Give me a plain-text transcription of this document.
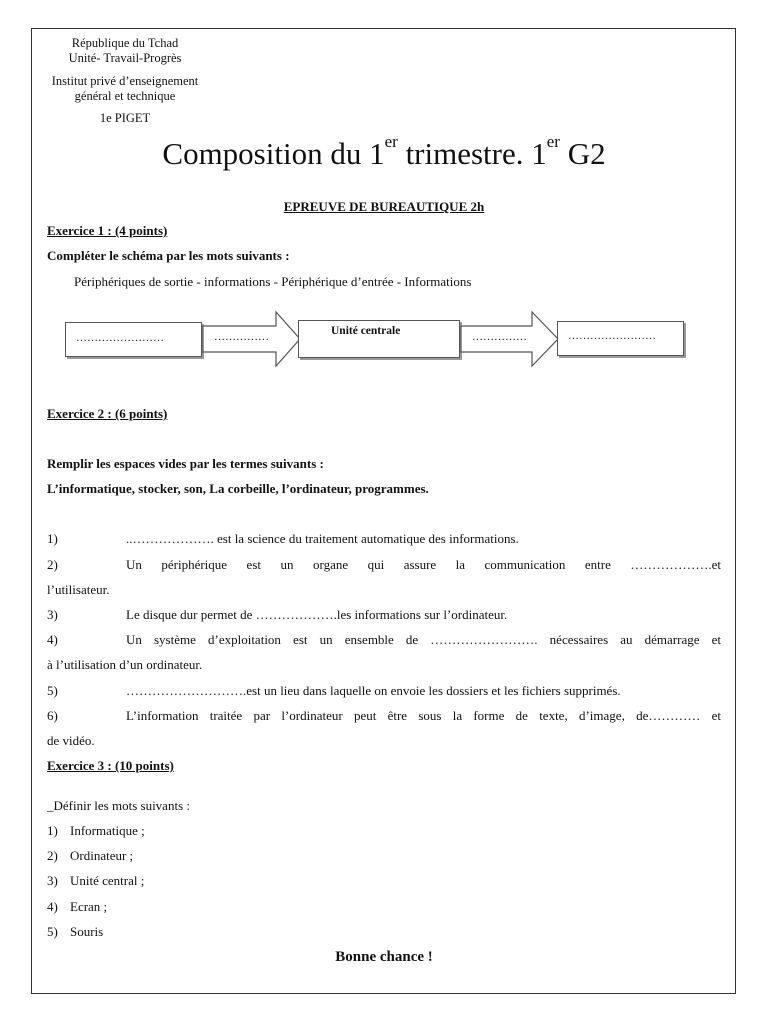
République du Tchad
Unité- Travail-Progrès
Institut privé d’enseignement
général et technique
1e PIGET
Composition du 1er trimestre. 1er G2
EPREUVE DE BUREAUTIQUE 2h
Exercice 1 : (4 points)
Compléter le schéma par les mots suivants :
Périphériques de sortie - informations - Périphérique d’entrée - Informations
……………………	……………	Unité centrale	……………	……………………
Exercice 2 : (6 points)
Remplir les espaces vides par les termes suivants :
L’informatique, stocker, son, La corbeille, l’ordinateur, programmes.
1)	..………………. est la science du traitement automatique des informations.
2)	Un périphérique est un organe qui assure la communication entre ……………….et
l’utilisateur.
3)	Le disque dur permet de ……………….les informations sur l’ordinateur.
4)	Un système d’exploitation est un ensemble de ……………………. nécessaires au démarrage et
à l’utilisation d’un ordinateur.
5)	……………………….est un lieu dans laquelle on envoie les dossiers et les fichiers supprimés.
6)	L’information traitée par l’ordinateur peut être sous la forme de texte, d’image, de………… et
de vidéo.
Exercice 3 : (10 points)
_Définir les mots suivants :
1) Informatique ;
2) Ordinateur ;
3) Unité central ;
4) Ecran ;
5) Souris
Bonne chance !
